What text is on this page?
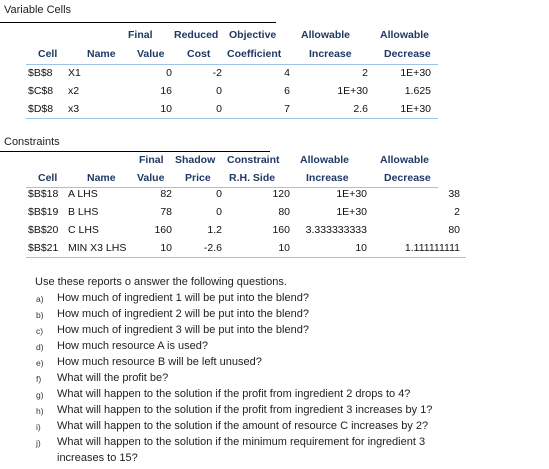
Variable Cells
Final Reduced Objective Allowable	Allowable
Cell	Name Value Cost Coefficient	Increase	Decrease
$B$8 X1	0	-2	4	2	1E+30
$C$8 x2	16	0	6	1E+30	1.625
$D$8 x3	10	0	7	2.6	1E+30
Constraints
Final Shadow Constraint Allowable	Allowable
Cell	Name Value Price R.H. Side	Increase	Decrease
$B$18 A LHS	82	0	120	1E+30	38
$B$19 B LHS	78	0	80	1E+30	2
$B$20 C LHS	160	1.2	160	3.333333333	80
$B$21 MIN X3 LHS	10	-2.6	10	10	1.111111111
Use these reports o answer the following questions.
a) How much of ingredient 1 will be put into the blend?
b) How much of ingredient 2 will be put into the blend?
c) How much of ingredient 3 will be put into the blend?
d) How much resource A is used?
e) How much resource B will be left unused?
f) What will the profit be?
g) What will happen to the solution if the profit from ingredient 2 drops to 4?
h) What will happen to the solution if the profit from ingredient 3 increases by 1?
i) What will happen to the solution if the amount of resource C increases by 2?
j) What will happen to the solution if the minimum requirement for ingredient 3
increases to 15?
